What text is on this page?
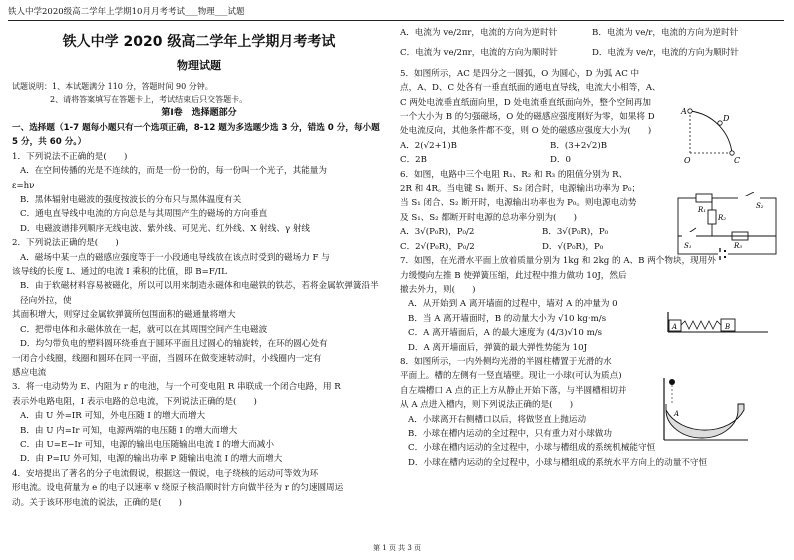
铁人中学2020级高二学年上学期10月月考考试___物理___试题
铁人中学 2020 级高二学年上学期月考考试
物理试题
试题说明：1、本试题满分 110 分，答题时间 90 分钟。
2、请将答案填写在答题卡上，考试结束后只交答题卡。
第Ⅰ卷　选择题部分
一、选择题（1-7 题每小题只有一个选项正确，8-12 题为多选题少选 3 分，错选 0 分，每小题 5 分，共 60 分。）

1．下列说法不正确的是(　　)

A．在空间传播的光是不连续的，而是一份一份的，每一份叫一个光子，其能量为

ε=hν

B．黑体辐射电磁波的强度按波长的分布只与黑体温度有关

C．通电直导线中电流的方向总是与其周围产生的磁场的方向垂直

D．电磁波谱排列顺序无线电波、紫外线、可见光、红外线、X 射线、γ 射线

2．下列说法正确的是(　　)

A．磁场中某一点的磁感应强度等于一小段通电导线放在该点时受到的磁场力 F 与

该导线的长度 L、通过的电流 I 乘积的比值，即 B=F/IL

B．由于软磁材料容易被磁化，所以可以用来制造永磁体和电磁铁的铁芯，若将金属软弹簧沿半径向外拉，使

其面积增大，则穿过金属软弹簧所包围面积的磁通量将增大

C．把带电体和永磁体放在一起，就可以在其周围空间产生电磁波

D．均匀带负电的塑料圆环绕垂直于圆环平面且过圆心的轴旋转，在环的圆心处有

一闭合小线圈，线圈和圆环在同一平面，当圆环在做变速转动时，小线圈内一定有

感应电流

3．将一电动势为 E、内阻为 r 的电池，与一个可变电阻 R 串联成一个闭合电路，用 R

表示外电路电阻，I 表示电路的总电流，下列说法正确的是(　　)

A．由 U 外=IR 可知，外电压随 I 的增大而增大

B．由 U 内=Ir 可知，电源两端的电压随 I 的增大而增大

C．由 U=E−Ir 可知，电源的输出电压随输出电流 I 的增大而减小

D．由 P=IU 外可知，电源的输出功率 P 随输出电流 I 的增大而增大

4．安培提出了著名的分子电流假说，根据这一假说，电子绕核的运动可等效为环

形电流。设电荷量为 e 的电子以速率 v 绕原子核沿顺时针方向做半径为 r 的匀速圆周运

动。关于该环形电流的说法，正确的是(　　)

A．电流为 ve/2πr，电流的方向为逆时针	B．电流为 ve/r，电流的方向为逆时针
C．电流为 ve/2πr，电流的方向为顺时针	D．电流为 ve/r，电流的方向为顺时针

5．如图所示，AC 是四分之一圆弧，O 为圆心，D 为弧 AC 中

点，A、D、C 处各有一垂直纸面的通电直导线，电流大小相等，A、

C 两处电流垂直纸面向里，D 处电流垂直纸面向外，整个空间再加

一个大小为 B 的匀强磁场，O 处的磁感应强度刚好为零，如果将 D

处电流反向，其他条件都不变，则 O 处的磁感应强度大小为(　　)

A．2(√2+1)B	B．(3+2√2)B
C．2B	D．0

6．如图，电路中三个电阻 R₁、R₂ 和 R₃ 的阻值分别为 R、

2R 和 4R。当电键 S₁ 断开、S₂ 闭合时，电源输出功率为 P₀；

当 S₁ 闭合、S₂ 断开时，电源输出功率也为 P₀。则电源电动势

及 S₁、S₂ 都断开时电源的总功率分别为(　　)

A．3√(P₀R)，P₀/2	B．3√(P₀R)，P₀
C．2√(P₀R)，P₀/2	D．√(P₀R)，P₀

7．如图，在光滑水平面上放着质量分别为 1kg 和 2kg 的 A、B 两个物块，现用外

力缓慢向左推 B 使弹簧压缩，此过程中推力做功 10J，然后

撤去外力，则(　　)

A．从开始到 A 离开墙面的过程中，墙对 A 的冲量为 0

B．当 A 离开墙面时，B 的动量大小为 √10 kg·m/s

C．A 离开墙面后，A 的最大速度为 (4/3)√10 m/s

D．A 离开墙面后，弹簧的最大弹性势能为 10J

8．如图所示，一内外侧均光滑的半圆柱槽置于光滑的水

平面上。槽的左侧有一竖直墙壁。现让一小球(可认为质点)

自左端槽口 A 点的正上方从静止开始下落，与半圆槽相切并

从 A 点进入槽内，则下列说法正确的是(　　)

A．小球离开右侧槽口以后，将做竖直上抛运动

B．小球在槽内运动的全过程中，只有重力对小球做功

C．小球在槽内运动的全过程中，小球与槽组成的系统机械能守恒

D．小球在槽内运动的全过程中，小球与槽组成的系统水平方向上的动量不守恒

A
O
D
C
R₁
R₂
R₃
S₁
S₂
A	B
A
第 1 页 共 3 页
